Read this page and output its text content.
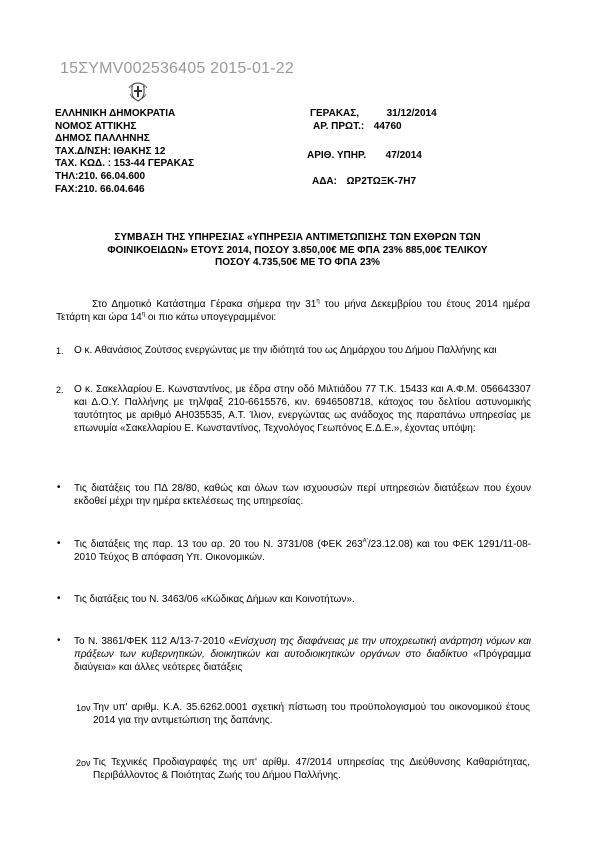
15ΣΥΜV002536405 2015-01-22
ΕΛΛΗΝΙΚΗ ΔΗΜΟΚΡΑΤΙΑ
ΝΟΜΟΣ ΑΤΤΙΚΗΣ
ΔΗΜΟΣ ΠΑΛΛΗΝΗΣ
ΤΑΧ.Δ/ΝΣΗ: ΙΘΑΚΗΣ 12
ΤΑΧ. ΚΩΔ. : 153-44 ΓΕΡΑΚΑΣ
ΤΗΛ:210. 66.04.600
FAX:210. 66.04.646
ΓΕΡΑΚΑΣ,	31/12/2014
ΑΡ. ΠΡΩΤ.: 44760
ΑΡΙΘ. ΥΠΗΡ. 47/2014
ΑΔΑ: ΩΡ2ΤΩΞΚ-7Η7
ΣΥΜΒΑΣΗ ΤΗΣ ΥΠΗΡΕΣΙΑΣ «ΥΠΗΡΕΣΙΑ ΑΝΤΙΜΕΤΩΠΙΣΗΣ ΤΩΝ ΕΧΘΡΩΝ ΤΩΝ
ΦΟΙΝΙΚΟΕΙΔΩΝ» ΕΤΟΥΣ 2014, ΠΟΣΟΥ 3.850,00€ ΜΕ ΦΠΑ 23% 885,00€ ΤΕΛΙΚΟΥ
ΠΟΣΟΥ 4.735,50€ ΜΕ ΤΟ ΦΠΑ 23%
Στο Δημοτικό Κατάστημα Γέρακα σήμερα την $31^\eta$ του μήνα Δεκεμβρίου του έτους 2014 ημέρα Τετάρτη και ώρα $14^\eta$ οι πιο κάτω υπογεγραμμένοι:
1. Ο κ. Αθανάσιος Ζούτσος ενεργώντας με την ιδιότητά του ως Δημάρχου του Δήμου Παλλήνης και
2. Ο κ. Σακελλαρίου Ε. Κωνσταντίνος, με έδρα στην οδό Μιλτιάδου 77 Τ.Κ. 15433 και Α.Φ.Μ. 056643307 και Δ.Ο.Υ. Παλλήνης με τηλ/φαξ 210-6615576, κιν. 6946508718, κάτοχος του δελτίου αστυνομικής ταυτότητος με αριθμό ΑΗ035535, Α.Τ. Ίλιον, ενεργώντας ως ανάδοχος της παραπάνω υπηρεσίας με επωνυμία «Σακελλαρίου Ε. Κωνσταντίνος, Τεχνολόγος Γεωπόνος Ε.Δ.Ε.», έχοντας υπόψη:
• Τις διατάξεις του ΠΔ 28/80, καθώς και όλων των ισχυουσών περί υπηρεσιών διατάξεων που έχουν εκδοθεί μέχρι την ημέρα εκτελέσεως της υπηρεσίας.
• Τις διατάξεις της παρ. 13 του αρ. 20 του Ν. 3731/08 (ΦΕΚ $263^{A'}/23.12.08$) και του ΦΕΚ 1291/11-08-2010 Τεύχος Β απόφαση Υπ. Οικονομικών.
• Τις διατάξεις του Ν. 3463/06 «Κώδικας Δήμων και Κοινοτήτων».
• Το Ν. 3861/ΦΕΚ 112 Α/13-7-2010 «Ενίσχυση της διαφάνειας με την υποχρεωτική ανάρτηση νόμων και πράξεων των κυβερνητικών, διοικητικών και αυτοδιοικητικών οργάνων στο διαδίκτυο «Πρόγραμμα διαύγεια» και άλλες νεότερες διατάξεις
1ον Την υπ' αριθμ. Κ.Α. 35.6262.0001 σχετική πίστωση του προϋπολογισμού του οικονομικού έτους 2014 για την αντιμετώπιση της δαπάνης.
2ον Τις Τεχνικές Προδιαγραφές της υπ' αρίθμ. 47/2014 υπηρεσίας της Διεύθυνσης Καθαριότητας, Περιβάλλοντος & Ποιότητας Ζωής του Δήμου Παλλήνης.
